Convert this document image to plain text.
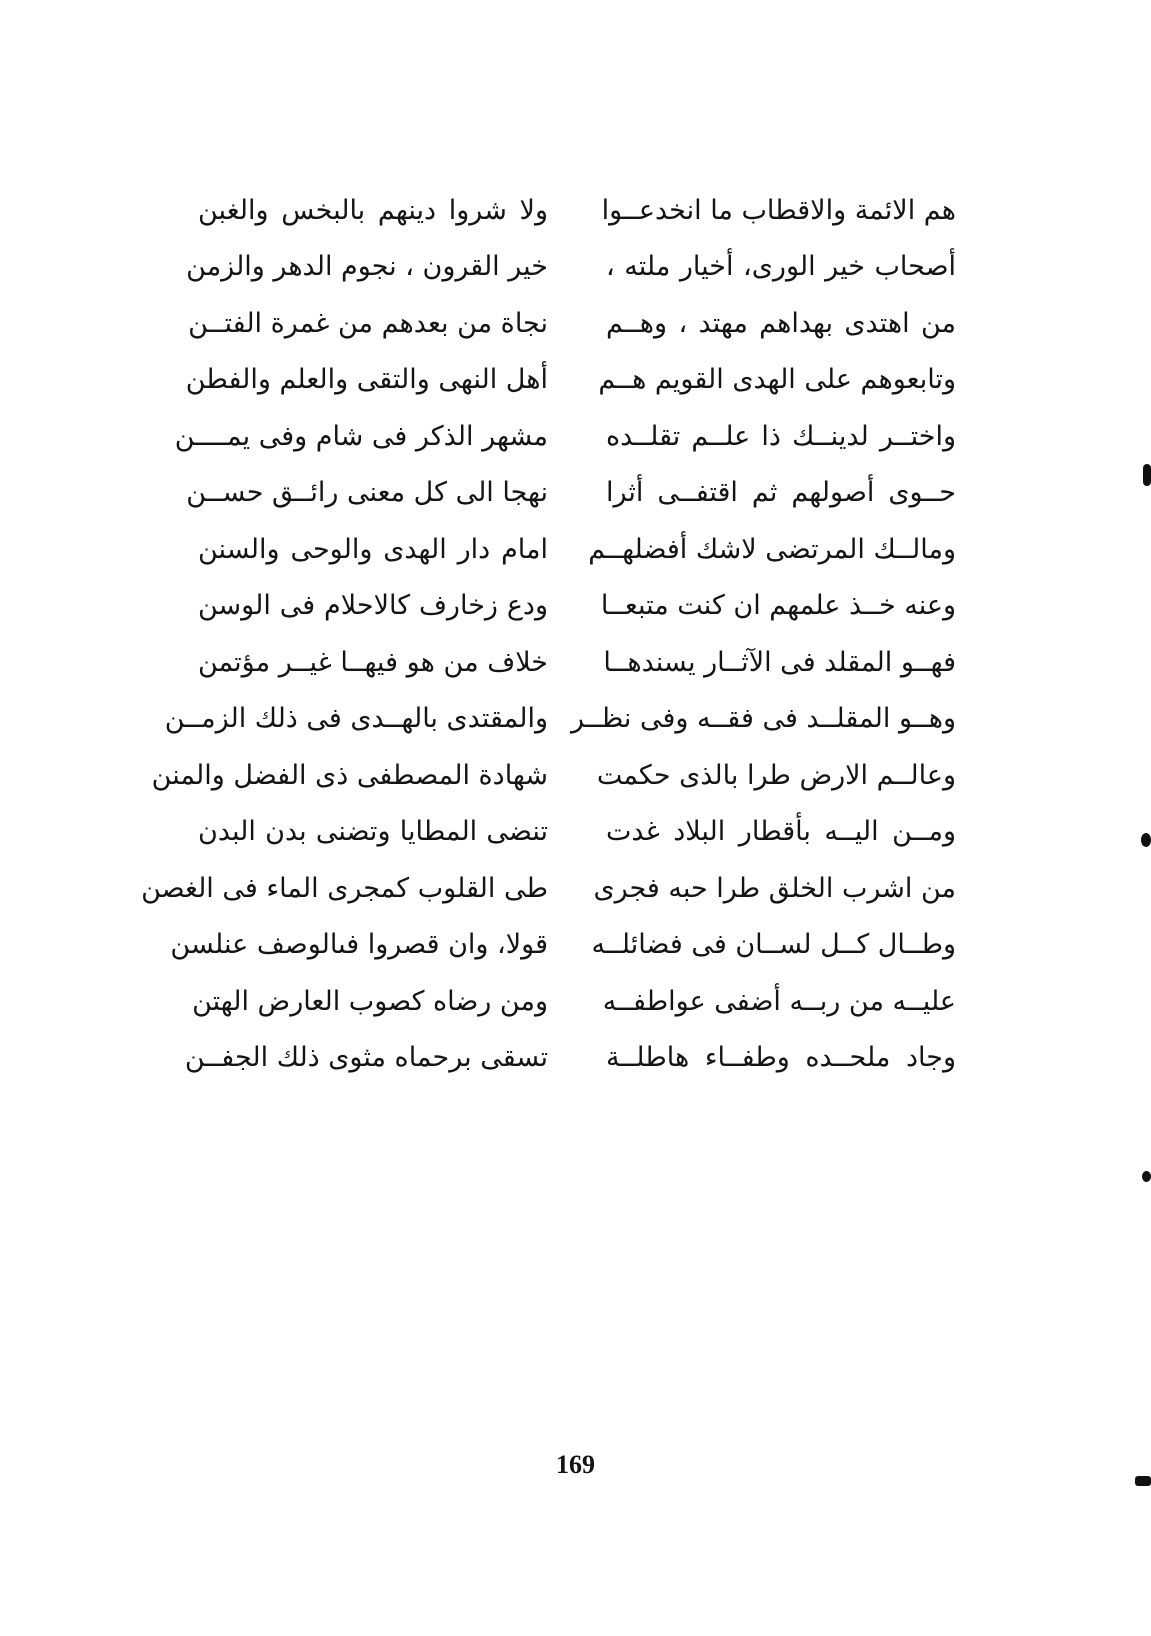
هم الائمة والاقطاب ما انخدعــوا
ولا شروا دينهم بالبخس والغبن
أصحاب خير الورى، أخيار ملته ،
خير القرون ، نجوم الدهر والزمن
من اهتدى بهداهم مهتد ، وهــم
نجاة من بعدهم من غمرة الفتــن
وتابعوهم على الهدى القويم هــم
أهل النهى والتقى والعلم والفطن
واختــر لدينــك ذا علــم تقلــده
مشهر الذكر فى شام وفى يمــــن
حــوى أصولهم ثم اقتفــى أثرا
نهجا الى كل معنى رائــق حســن
ومالــك المرتضى لاشك أفضلهــم
امام دار الهدى والوحى والسنن
وعنه خــذ علمهم ان كنت متبعــا
ودع زخارف كالاحلام فى الوسن
فهــو المقلد فى الآثــار يسندهــا
خلاف من هو فيهــا غيــر مؤتمن
وهــو المقلــد فى فقــه وفى نظــر
والمقتدى بالهــدى فى ذلك الزمــن
وعالــم الارض طرا بالذى حكمت
شهادة المصطفى ذى الفضل والمنن
ومــن اليــه بأقطار البلاد غدت
تنضى المطايا وتضنى بدن البدن
من اشرب الخلق طرا حبه فجرى
طى القلوب كمجرى الماء فى الغصن
وطــال كــل لســان فى فضائلــه
قولا، وان قصروا فىالوصف عنلسن
عليــه من ربــه أضفى عواطفــه
ومن رضاه كصوب العارض الهتن
وجاد ملحــده وطفــاء هاطلــة
تسقى برحماه مثوى ذلك الجفــن
169
